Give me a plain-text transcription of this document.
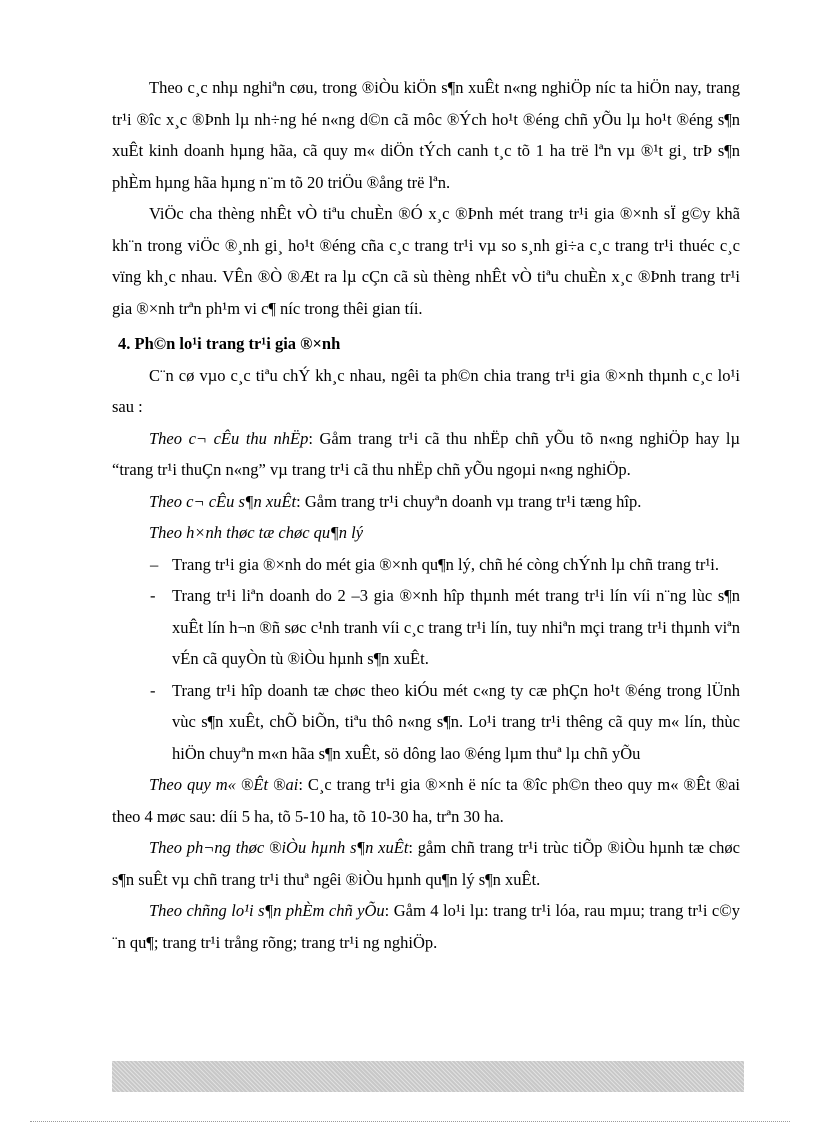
Theo c¸c nhµ nghiªn cøu, trong ®iÒu kiÖn s¶n xuÊt n«ng nghiÖp níc ta hiÖn nay, trang tr¹i ®îc x¸c ®Þnh lµ nh÷ng hé n«ng d©n cã môc ®Ých ho¹t ®éng chñ yÕu lµ ho¹t ®éng s¶n xuÊt kinh doanh hµng hãa, cã quy m« diÖn tÝch canh t¸c tõ 1 ha trë lªn vµ ®¹t gi¸ trÞ s¶n phÈm hµng hãa hµng n¨m tõ 20 triÖu ®ång trë lªn.

ViÖc cha thèng nhÊt vÒ tiªu chuÈn ®Ó x¸c ®Þnh mét trang tr¹i gia ®×nh sÏ g©y khã kh¨n trong viÖc ®¸nh gi¸ ho¹t ®éng cña c¸c trang tr¹i vµ so s¸nh gi÷a c¸c trang tr¹i thuéc c¸c vïng kh¸c nhau. VÊn ®Ò ®Æt ra lµ cÇn cã sù thèng nhÊt vÒ tiªu chuÈn x¸c ®Þnh trang tr¹i gia ®×nh trªn ph¹m vi c¶ níc trong thêi gian tíi.

4. Ph©n lo¹i trang tr¹i gia ®×nh

C¨n cø vµo c¸c tiªu chÝ kh¸c nhau, ngêi ta ph©n chia trang tr¹i gia ®×nh thµnh c¸c lo¹i sau :

Theo c¬ cÊu thu nhËp: Gåm trang tr¹i cã thu nhËp chñ yÕu tõ n«ng nghiÖp hay lµ “trang tr¹i thuÇn n«ng” vµ trang tr¹i cã thu nhËp chñ yÕu ngoµi n«ng nghiÖp.

Theo c¬ cÊu s¶n xuÊt: Gåm trang tr¹i chuyªn doanh vµ trang tr¹i tæng hîp.

Theo h×nh thøc tæ chøc qu¶n lý

– Trang tr¹i gia ®×nh do mét gia ®×nh qu¶n lý, chñ hé còng chÝnh lµ chñ trang tr¹i.
- Trang tr¹i liªn doanh do 2 –3 gia ®×nh hîp thµnh mét trang tr¹i lín víi n¨ng lùc s¶n xuÊt lín h¬n ®ñ søc c¹nh tranh víi c¸c trang tr¹i lín, tuy nhiªn mçi trang tr¹i thµnh viªn vÉn cã quyÒn tù ®iÒu hµnh s¶n xuÊt.
- Trang tr¹i hîp doanh tæ chøc theo kiÓu mét c«ng ty cæ phÇn ho¹t ®éng trong lÜnh vùc s¶n xuÊt, chÕ biÕn, tiªu thô n«ng s¶n. Lo¹i trang tr¹i thêng cã quy m« lín, thùc hiÖn chuyªn m«n hãa s¶n xuÊt, sö dông lao ®éng lµm thuª lµ chñ yÕu

Theo quy m« ®Êt ®ai: C¸c trang tr¹i gia ®×nh ë níc ta ®îc ph©n theo quy m« ®Êt ®ai theo 4 møc sau: díi 5 ha, tõ 5-10 ha, tõ 10-30 ha, trªn 30 ha.

Theo ph¬ng thøc ®iÒu hµnh s¶n xuÊt: gåm chñ trang tr¹i trùc tiÕp ®iÒu hµnh tæ chøc s¶n suÊt vµ chñ trang tr¹i thuª ngêi ®iÒu hµnh qu¶n lý s¶n xuÊt.

Theo chñng lo¹i s¶n phÈm chñ yÕu: Gåm 4 lo¹i lµ: trang tr¹i lóa, rau mµu; trang tr¹i c©y ¨n qu¶; trang tr¹i trång rõng; trang tr¹i ng nghiÖp.
